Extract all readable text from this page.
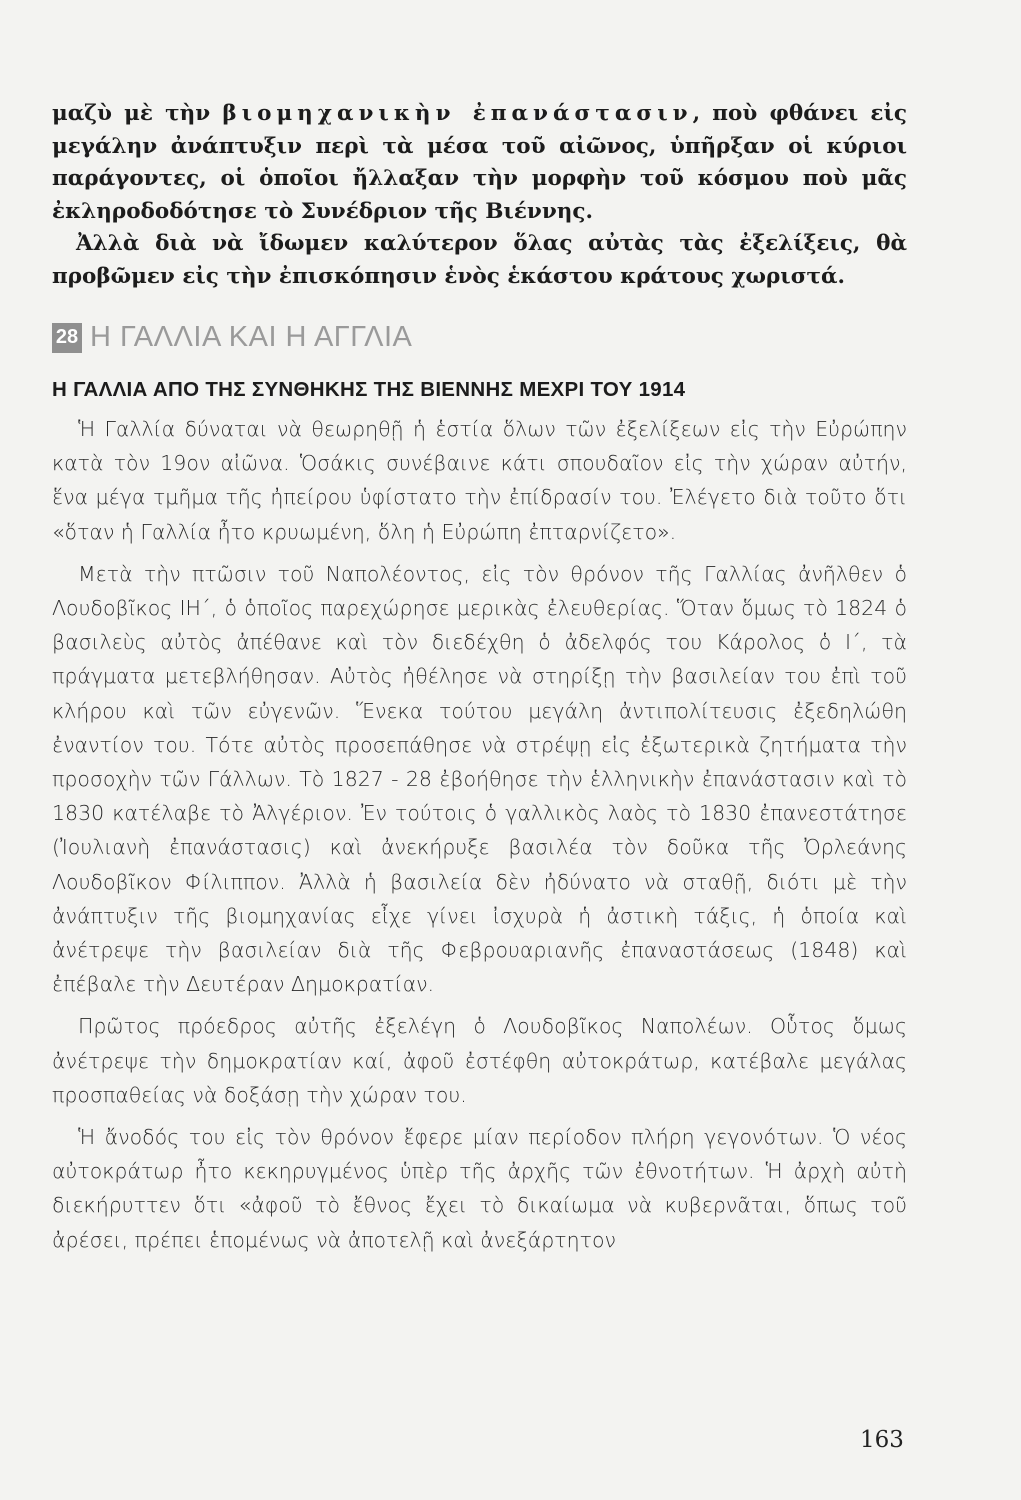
μαζὺ μὲ τὴν βιομηχανικὴν ἐπανάστασιν, ποὺ φθάνει εἰς μεγάλην ἀνάπτυξιν περὶ τὰ μέσα τοῦ αἰῶνος, ὑπῆρξαν οἱ κύριοι παράγοντες, οἱ ὁποῖοι ἤλλαξαν τὴν μορφὴν τοῦ κόσμου ποὺ μᾶς ἐκληροδοδότησε τὸ Συνέδριον τῆς Βιέννης.

Ἀλλὰ διὰ νὰ ἴδωμεν καλύτερον ὅλας αὐτὰς τὰς ἐξελίξεις, θὰ προβῶμεν εἰς τὴν ἐπισκόπησιν ἑνὸς ἑκάστου κράτους χωριστά.

28 Η ΓΑΛΛΙΑ ΚΑΙ Η ΑΓΓΛΙΑ
Η ΓΑΛΛΙΑ ΑΠΟ ΤΗΣ ΣΥΝΘΗΚΗΣ ΤΗΣ ΒΙΕΝΝΗΣ ΜΕΧΡΙ ΤΟΥ 1914

Ἡ Γαλλία δύναται νὰ θεωρηθῇ ἡ ἑστία ὅλων τῶν ἐξελίξεων εἰς τὴν Εὐρώπην κατὰ τὸν 19ον αἰῶνα. Ὁσάκις συνέβαινε κάτι σπουδαῖον εἰς τὴν χώραν αὐτήν, ἕνα μέγα τμῆμα τῆς ἠπείρου ὑφίστατο τὴν ἐπίδρασίν του. Ἐλέγετο διὰ τοῦτο ὅτι «ὅταν ἡ Γαλλία ἦτο κρυωμένη, ὅλη ἡ Εὐρώπη ἐπταρνίζετο».

Μετὰ τὴν πτῶσιν τοῦ Ναπολέοντος, εἰς τὸν θρόνον τῆς Γαλλίας ἀνῆλθεν ὁ Λουδοβῖκος ΙΗ΄, ὁ ὁποῖος παρεχώρησε μερικὰς ἐλευθερίας. Ὅταν ὅμως τὸ 1824 ὁ βασιλεὺς αὐτὸς ἀπέθανε καὶ τὸν διεδέχθη ὁ ἀδελφός του Κάρολος ὁ Ι΄, τὰ πράγματα μετεβλήθησαν. Αὐτὸς ἠθέλησε νὰ στηρίξῃ τὴν βασιλείαν του ἐπὶ τοῦ κλήρου καὶ τῶν εὐγενῶν. Ἕνεκα τούτου μεγάλη ἀντιπολίτευσις ἐξεδηλώθη ἐναντίον του. Τότε αὐτὸς προσεπάθησε νὰ στρέψῃ εἰς ἐξωτερικὰ ζητήματα τὴν προσοχὴν τῶν Γάλλων. Τὸ 1827 - 28 ἐβοήθησε τὴν ἑλληνικὴν ἐπανάστασιν καὶ τὸ 1830 κατέλαβε τὸ Ἀλγέριον. Ἐν τούτοις ὁ γαλλικὸς λαὸς τὸ 1830 ἐπανεστάτησε (Ἰουλιανὴ ἐπανάστασις) καὶ ἀνεκήρυξε βασιλέα τὸν δοῦκα τῆς Ὀρλεάνης Λουδοβῖκον Φίλιππον. Ἀλλὰ ἡ βασιλεία δὲν ἠδύνατο νὰ σταθῇ, διότι μὲ τὴν ἀνάπτυξιν τῆς βιομηχανίας εἶχε γίνει ἰσχυρὰ ἡ ἀστικὴ τάξις, ἡ ὁποία καὶ ἀνέτρεψε τὴν βασιλείαν διὰ τῆς Φεβρουαριανῆς ἐπαναστάσεως (1848) καὶ ἐπέβαλε τὴν Δευτέραν Δημοκρατίαν.

Πρῶτος πρόεδρος αὐτῆς ἐξελέγη ὁ Λουδοβῖκος Ναπολέων. Οὗτος ὅμως ἀνέτρεψε τὴν δημοκρατίαν καί, ἀφοῦ ἐστέφθη αὐτοκράτωρ, κατέβαλε μεγάλας προσπαθείας νὰ δοξάσῃ τὴν χώραν του.

Ἡ ἄνοδός του εἰς τὸν θρόνον ἔφερε μίαν περίοδον πλήρη γεγονότων. Ὁ νέος αὐτοκράτωρ ἦτο κεκηρυγμένος ὑπὲρ τῆς ἀρχῆς τῶν ἐθνοτήτων. Ἡ ἀρχὴ αὐτὴ διεκήρυττεν ὅτι «ἀφοῦ τὸ ἔθνος ἔχει τὸ δικαίωμα νὰ κυβερνᾶται, ὅπως τοῦ ἀρέσει, πρέπει ἑπομένως νὰ ἀποτελῇ καὶ ἀνεξάρτητον

163
